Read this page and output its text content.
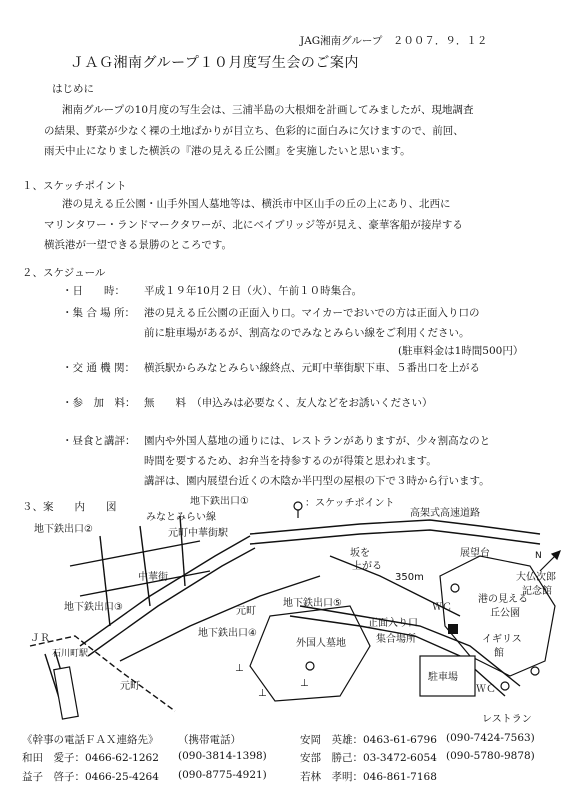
JAG湘南グループ　２００７．９．１２
ＪＡＧ湘南グループ１０月度写生会のご案内
はじめに
湘南グループの10月度の写生会は、三浦半島の大根畑を計画してみましたが、現地調査
の結果、野菜が少なく裸の土地ばかりが目立ち、色彩的に面白みに欠けますので、前回、
雨天中止になりました横浜の『港の見える丘公園』を実施したいと思います。
１、スケッチポイント
港の見える丘公園・山手外国人墓地等は、横浜市中区山手の丘の上にあり、北西に
マリンタワー・ランドマークタワーが、北にベイブリッジ等が見え、豪華客船が接岸する
横浜港が一望できる景勝のところです。
２、スケジュール
・日　　時： 平成１９年10月２日（火）、午前１０時集合。
・集 合 場 所： 港の見える丘公園の正面入り口。マイカーでおいでの方は正面入り口の
前に駐車場があるが、割高なのでみなとみらい線をご利用ください。
(駐車料金は1時間500円）
・交 通 機 関： 横浜駅からみなとみらい線終点、元町中華街駅下車、５番出口を上がる
・参　加　料： 無　　料　（申込みは必要なく、友人などをお誘いください）
・昼食と講評： 園内や外国人墓地の通りには、レストランがありますが、少々割高なのと
時間を要するため、お弁当を持参するのが得策と思われます。
講評は、園内展望台近くの木陰か半円型の屋根の下で３時から行います。
３、案　　内　　図
⊥
⊥
⊥
地下鉄出口①	：スケッチポイント
高架式高速道路
みなとみらい線
地下鉄出口②	元町中華街駅
中華街
地下鉄出口③	地下鉄出口⑤
地下鉄出口④
元町
元町
ＪＲ
石川町駅
坂を
上がる
350m
展望台
大仏次郎
記念館
港の見える
丘公園
ＷＣ
ＷＣ
正面入り口
集合場所	イギリス
館
駐車場
外国人墓地
レストラン
N
《幹事の電話ＦＡＸ連絡先》 （携帯電話）
和田　愛子：0466-62-1262 (090-3814-1398)
益子　啓子：0466-25-4264 (090-8775-4921)
安岡　英雄：0463-61-6796 (090-7424-7563)
安部　勝己：03-3472-6054 (090-5780-9878)
若林　孝明：046-861-7168
